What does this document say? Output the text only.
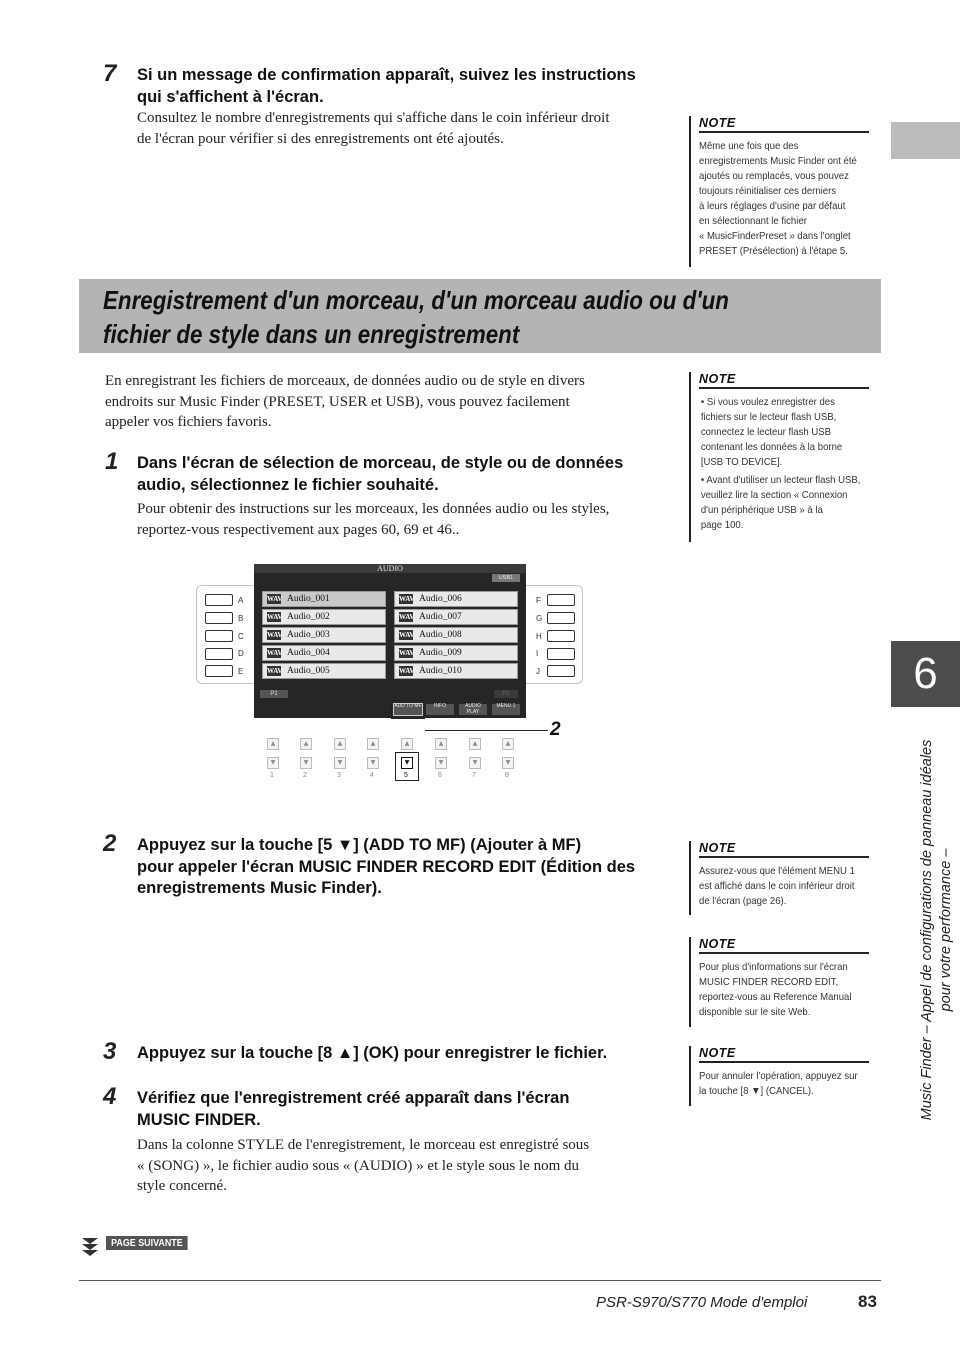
7 Si un message de confirmation apparaît, suivez les instructions
qui s'affichent à l'écran.
Consultez le nombre d'enregistrements qui s'affiche dans le coin inférieur droit
de l'écran pour vérifier si des enregistrements ont été ajoutés.
NOTE

Même une fois que des

enregistrements Music Finder ont été

ajoutés ou remplacés, vous pouvez

toujours réinitialiser ces derniers

à leurs réglages d'usine par défaut

en sélectionnant le fichier

« MusicFinderPreset » dans l'onglet

PRESET (Présélection) à l'étape 5.

Enregistrement d'un morceau, d'un morceau audio ou d'un
fichier de style dans un enregistrement
En enregistrant les fichiers de morceaux, de données audio ou de style en divers
endroits sur Music Finder (PRESET, USER et USB), vous pouvez facilement
appeler vos fichiers favoris.
NOTE

• Si vous voulez enregistrer des

fichiers sur le lecteur flash USB,

connectez le lecteur flash USB

contenant les données à la borne

[USB TO DEVICE].

• Avant d'utiliser un lecteur flash USB,

veuillez lire la section « Connexion

d'un périphérique USB » à la

page 100.

1 Dans l'écran de sélection de morceau, de style ou de données
audio, sélectionnez le fichier souhaité.
Pour obtenir des instructions sur les morceaux, les données audio ou les styles,
reportez-vous respectivement aux pages 60, 69 et 46..
A
B
C
D
E
F
G
H
I
J
AUDIO
USB1
WAV Audio_001
WAV Audio_002
WAV Audio_003
WAV Audio_004
WAV Audio_005
WAV Audio_006
WAV Audio_007
WAV Audio_008
WAV Audio_009
WAV Audio_010
P1	P2
ADD TO MF	INFO	AUDIO PLAY
MENU 1
2
▲	▲	▲	▲	▲	▲	▲	▲
▼	▼	▼	▼	▼	▼	▼	▼
1	2	3	4	5	6	7	8
6
Music Finder – Appel de configurations de panneau idéales pour votre performance –
2 Appuyez sur la touche [5 ▼] (ADD TO MF) (Ajouter à MF)
pour appeler l'écran MUSIC FINDER RECORD EDIT (Édition des
enregistrements Music Finder).
NOTE

Assurez-vous que l'élément MENU 1

est affiché dans le coin inférieur droit

de l'écran (page 26).

NOTE

Pour plus d'informations sur l'écran

MUSIC FINDER RECORD EDIT,

reportez-vous au Reference Manual

disponible sur le site Web.

3 Appuyez sur la touche [8 ▲] (OK) pour enregistrer le fichier.	NOTE

Pour annuler l'opération, appuyez sur

la touche [8 ▼] (CANCEL).

4 Vérifiez que l'enregistrement créé apparaît dans l'écran
MUSIC FINDER.
Dans la colonne STYLE de l'enregistrement, le morceau est enregistré sous
« (SONG) », le fichier audio sous « (AUDIO) » et le style sous le nom du
style concerné.
PAGE SUIVANTE
PSR-S970/S770 Mode d'emploi	83
